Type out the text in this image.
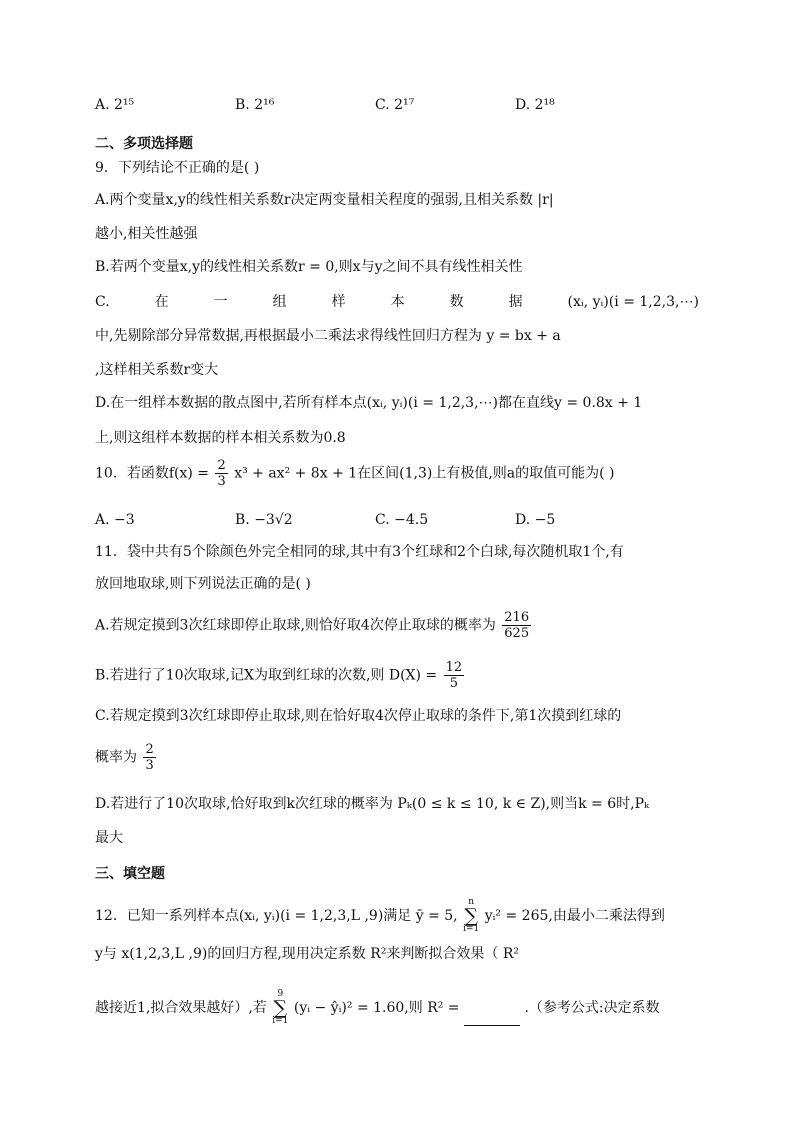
A. 2¹⁵	B. 2¹⁶	C. 2¹⁷	D. 2¹⁸
二、多项选择题
9．下列结论不正确的是( )
A.两个变量x,y的线性相关系数r决定两变量相关程度的强弱,且相关系数 |r|
越小,相关性越强
B.若两个变量x,y的线性相关系数r = 0,则x与y之间不具有线性相关性
C.	在	一	组	样	本	数	据	(xᵢ, yᵢ)(i = 1,2,3,⋯)
中,先剔除部分异常数据,再根据最小二乘法求得线性回归方程为 y = bx + a
,这样相关系数r变大
D.在一组样本数据的散点图中,若所有样本点(xᵢ, yᵢ)(i = 1,2,3,⋯)都在直线y = 0.8x + 1
上,则这组样本数据的样本相关系数为0.8
10．若函数$f(x) = \frac{2}{3} x^3 + ax^2 + 8x + 1$在区间(1,3)上有极值,则a的取值可能为( )
A. −3	B. −3√2	C. −4.5	D. −5
11．袋中共有5个除颜色外完全相同的球,其中有3个红球和2个白球,每次随机取1个,有
放回地取球,则下列说法正确的是( )
A.若规定摸到3次红球即停止取球,则恰好取4次停止取球的概率为 $\frac{216}{625}$
B.若进行了10次取球,记X为取到红球的次数,则 $D(X) = \frac{12}{5}$
C.若规定摸到3次红球即停止取球,则在恰好取4次停止取球的条件下,第1次摸到红球的
概率为 $\frac{2}{3}$
D.若进行了10次取球,恰好取到k次红球的概率为 Pₖ(0 ≤ k ≤ 10, k ∈ Z),则当k = 6时,Pₖ
最大
三、填空题
12．已知一系列样本点(xᵢ, yᵢ)(i = 1,2,3,L ,9)满足 ȳ = 5, n
∑
i=1 yᵢ² = 265,由最小二乘法得到
y与 x(1,2,3,L ,9)的回归方程,现用决定系数 R²来判断拟合效果（ R²
越接近1,拟合效果越好）,若 9
∑
i=1 (yᵢ − ŷᵢ)² = 1.60,则 R² =	.（参考公式:决定系数
